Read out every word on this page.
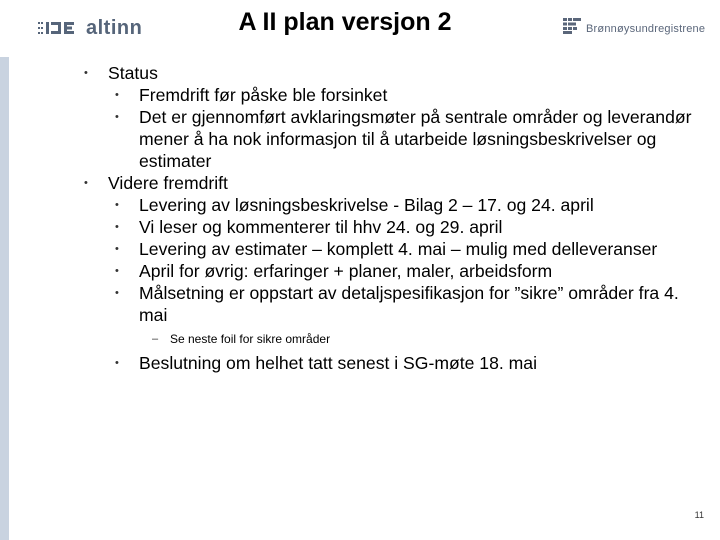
altinn	A II plan versjon 2	Brønnøysundregistrene
• Status
• Fremdrift før påske ble forsinket
• Det er gjennomført avklaringsmøter på sentrale områder og leverandør mener å ha nok informasjon til å utarbeide løsningsbeskrivelser og estimater
• Videre fremdrift
• Levering av løsningsbeskrivelse - Bilag 2 – 17. og 24. april
• Vi leser og kommenterer til hhv 24. og 29. april
• Levering av estimater – komplett 4. mai – mulig med delleveranser
• April for øvrig: erfaringer + planer, maler, arbeidsform
• Målsetning er oppstart av detaljspesifikasjon for ”sikre” områder fra 4. mai
– Se neste foil for sikre områder
• Beslutning om helhet tatt senest i SG-møte 18. mai
11
